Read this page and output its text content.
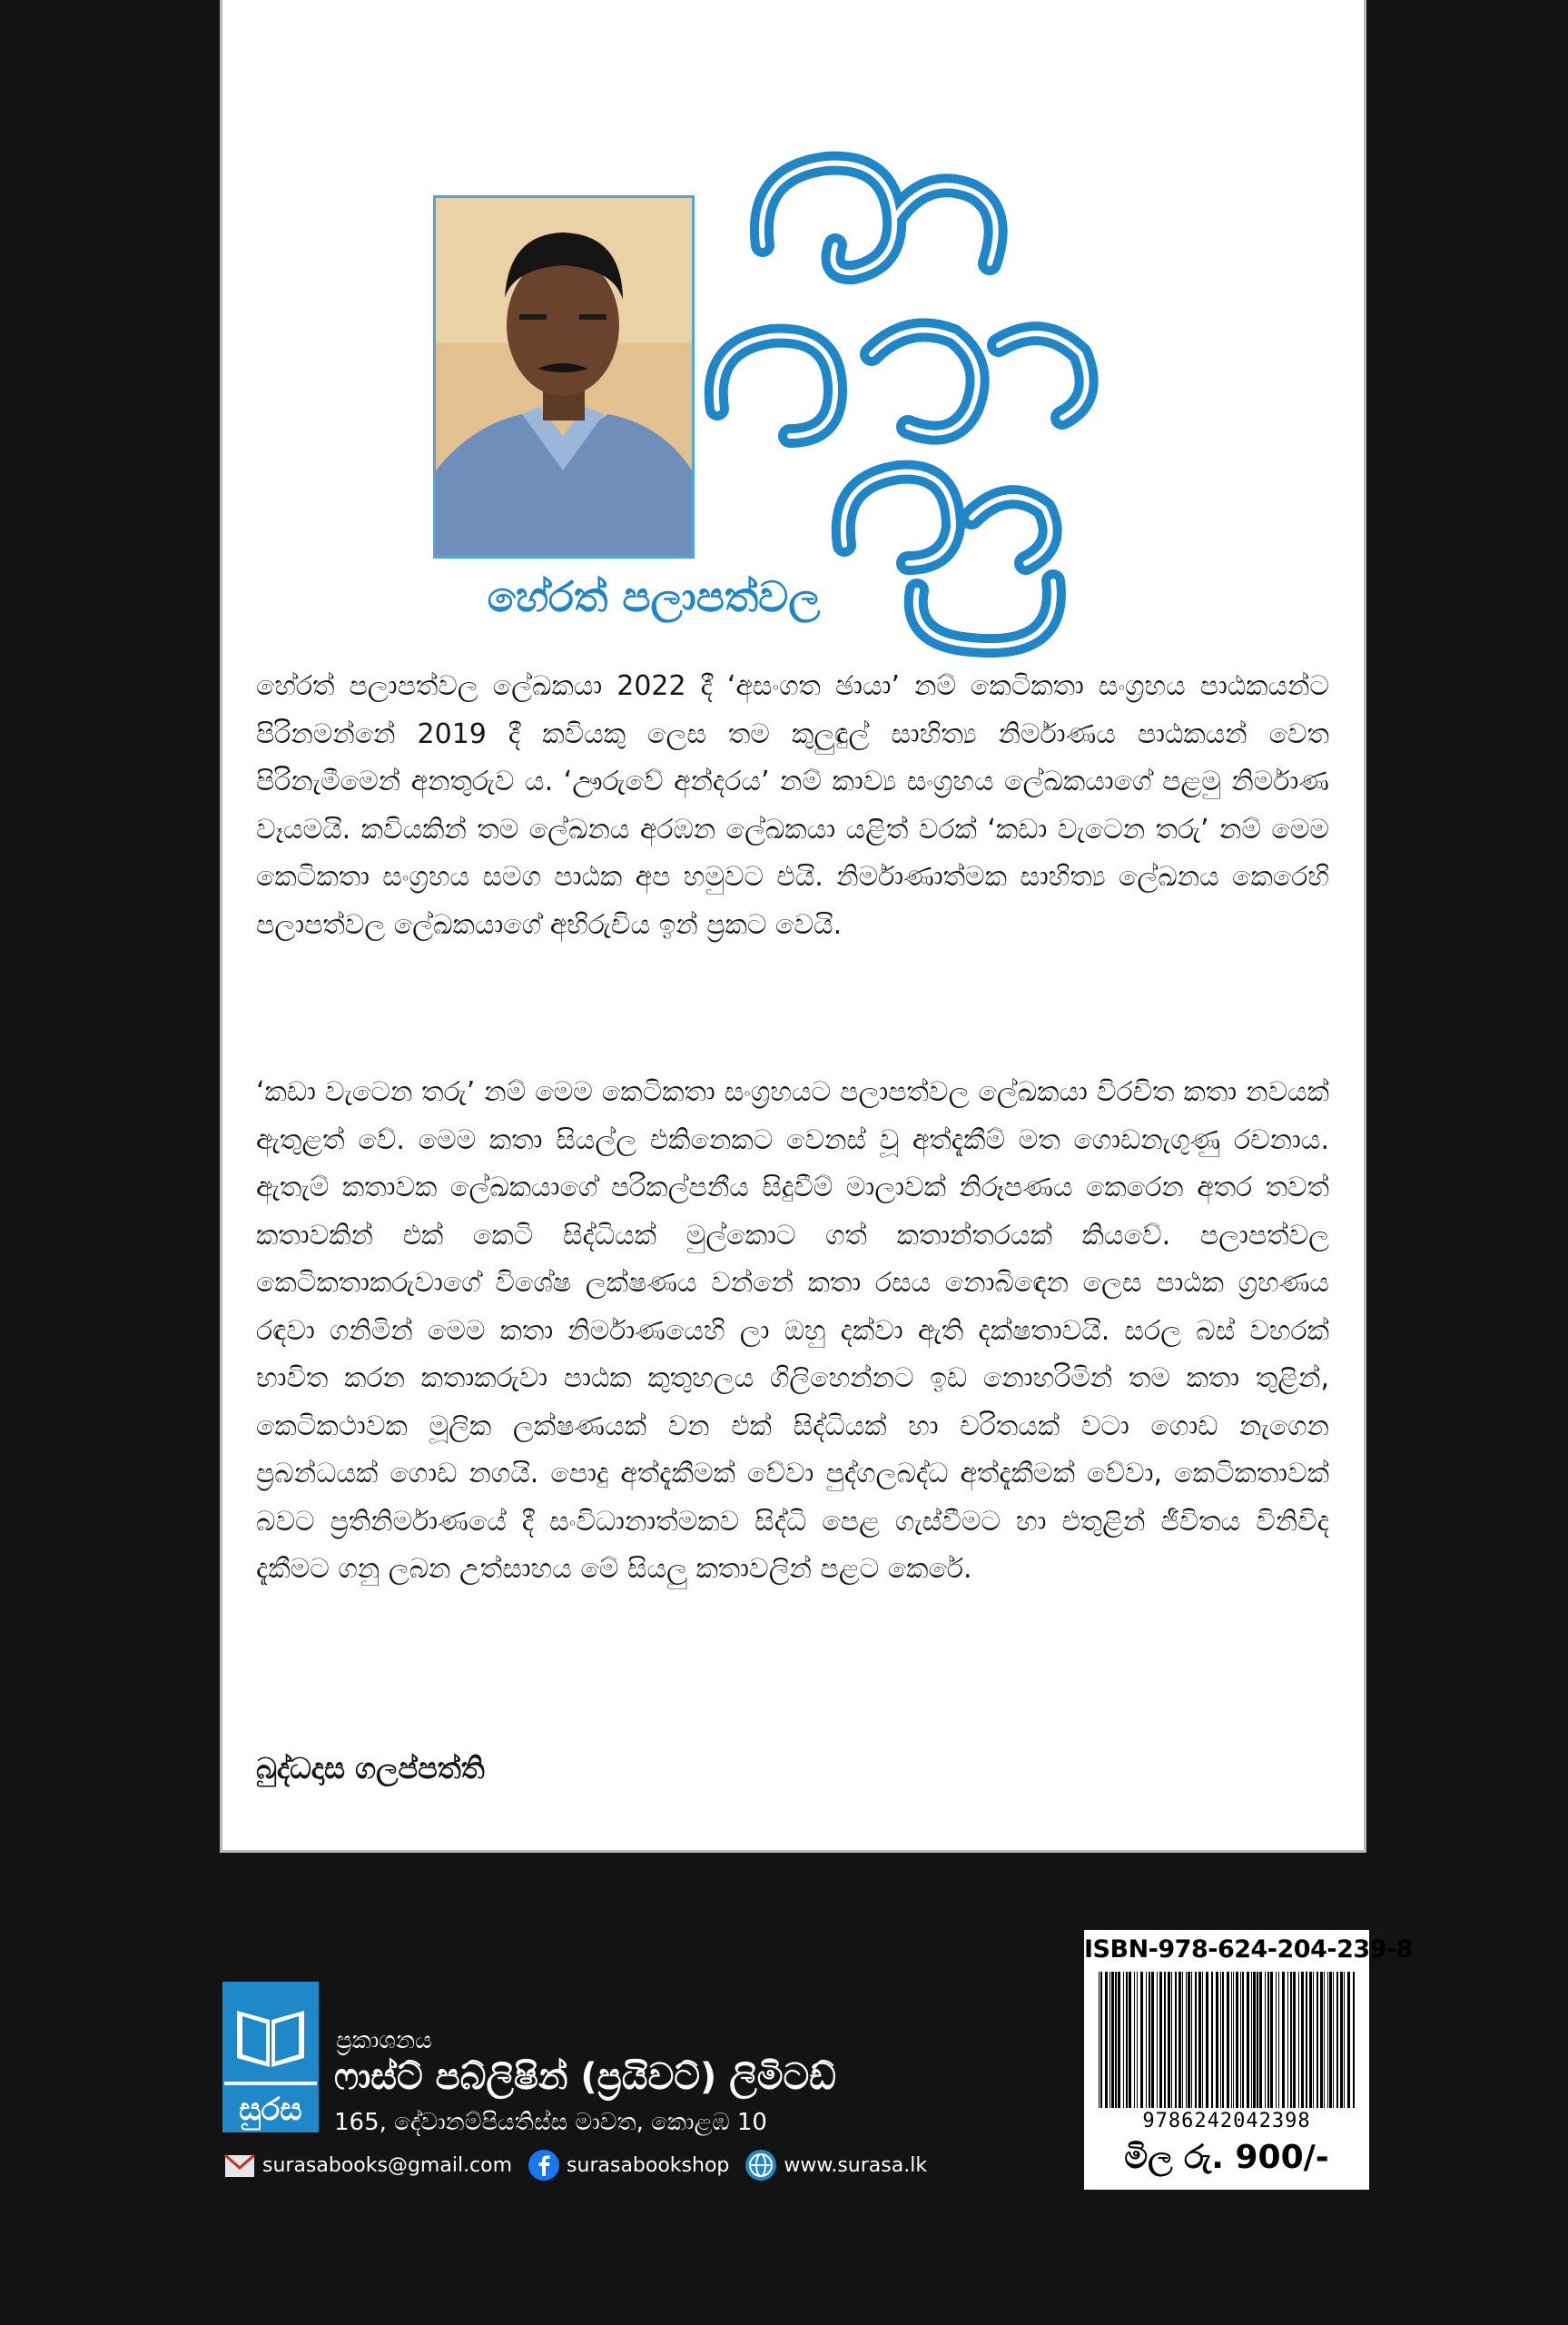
හේරත් පලාපත්වල

හේරත් පලාපත්වල ලේඛකයා 2022 දී ‘අසංගත ඡායා’ නම් කෙටිකතා සංග්‍රහය පාඨකයන්ට පිරිනමන්නේ 2019 දී කවියකු ලෙස තම කුලුඳුල් සාහිත්‍ය නිර්මාණය පාඨකයන් වෙත පිරිනැමීමෙන් අනතුරුව ය. ‘ඌරුවේ අන්දරය’ නම් කාව්‍ය සංග්‍රහය ලේඛකයාගේ පළමු නිර්මාණ වෑයමයි. කවියකින් තම ලේඛනය අරඹන ලේඛකයා යළිත් වරක් ‘කඩා වැටෙන තරු’ නම් මෙම කෙටිකතා සංග්‍රහය සමග පාඨක අප හමුවට එයි. නිර්මාණාත්මක සාහිත්‍ය ලේඛනය කෙරෙහි පලාපත්වල ලේඛකයාගේ අභිරුචිය ඉන් ප්‍රකට වෙයි.

‘කඩා වැටෙන තරු’ නම් මෙම කෙටිකතා සංග්‍රහයට පලාපත්වල ලේඛකයා විරචිත කතා නවයක් ඇතුළත් වේ. මෙම කතා සියල්ල එකිනෙකට වෙනස් වූ අත්දැකීම් මත ගොඩනැගුණු රචනාය. ඇතැම් කතාවක ලේඛකයාගේ පරිකල්පනීය සිදුවීම් මාලාවක් නිරූපණය කෙරෙන අතර තවත් කතාවකින් එක් කෙටි සිද්ධියක් මුල්කොට ගත් කතාන්තරයක් කියවේ. පලාපත්වල කෙටිකතාකරුවාගේ විශේෂ ලක්ෂණය වන්නේ කතා රසය නොබිඳෙන ලෙස පාඨක ග්‍රහණය රඳවා ගනිමින් මෙම කතා නිර්මාණයෙහි ලා ඔහු දක්වා ඇති දක්ෂතාවයි. සරල බස් වහරක් භාවිත කරන කතාකරුවා පාඨක කුතුහලය ගිලිහෙන්නට ඉඩ නොහරිමින් තම කතා තුළින්, කෙටිකථාවක මූලික ලක්ෂණයක් වන එක් සිද්ධියක් හා චරිතයක් වටා ගොඩ නැගෙන ප්‍රබන්ධයක් ගොඩ නගයි. පොදු අත්දැකීමක් වේවා පුද්ගලබද්ධ අත්දැකීමක් වේවා, කෙටිකතාවක් බවට ප්‍රතිනිර්මාණයේ දී සංවිධානාත්මකව සිද්ධි පෙළ ගැස්වීමට හා එතුළින් ජීවිතය විනිවිද දැකීමට ගනු ලබන උත්සාහය මේ සියලු කතාවලින් පළට කෙරේ.

බුද්ධදාස ගලප්පත්ති
සුරස
ප්‍රකාශනය
ෆාස්ට් පබ්ලිෂින් (ප්‍රයිවට්) ලිමිටඩ්
165, දේවානම්පියතිස්ස මාවත, කොළඹ 10
surasabooks@gmail.com	surasabookshop	www.surasa.lk
ISBN-978-624-204-239-8
9786242042398
මිල රු. 900/-
